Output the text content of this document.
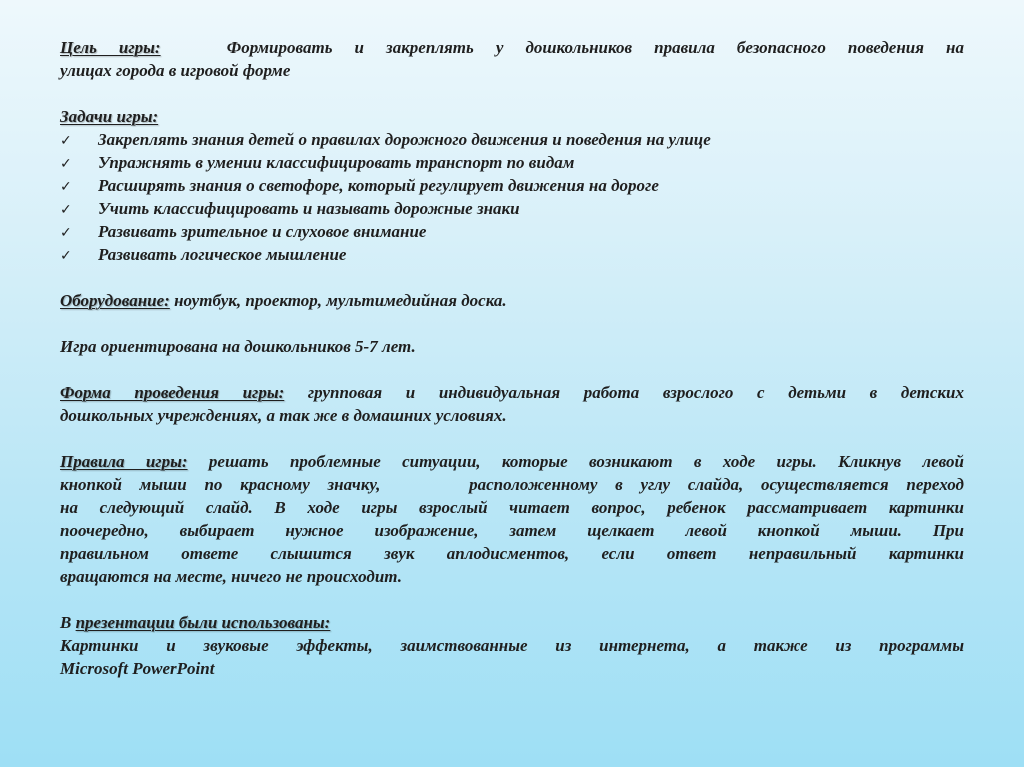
Цель игры:	Формировать и закреплять у дошкольников правила безопасного поведения на
улицах города в игровой форме
Задачи игры:
✓	Закреплять знания детей о правилах дорожного движения и поведения на улице
✓	Упражнять в умении классифицировать транспорт по видам
✓	Расширять знания о светофоре, который регулирует движения на дороге
✓	Учить классифицировать и называть дорожные знаки
✓	Развивать зрительное и слуховое внимание
✓	Развивать логическое мышление
Оборудование: ноутбук, проектор, мультимедийная доска.
Игра ориентирована на дошкольников 5-7 лет.
Форма проведения игры: групповая и индивидуальная работа взрослого с детьми в детских
дошкольных учреждениях, а так же в домашних условиях.
Правила игры: решать проблемные ситуации, которые возникают в ходе игры. Кликнув левой
кнопкой мыши по красному значку,     расположенному в углу слайда, осуществляется переход
на следующий слайд. В ходе игры взрослый читает вопрос, ребенок рассматривает картинки
поочередно, выбирает нужное изображение, затем щелкает левой кнопкой мыши. При
правильном ответе слышится звук аплодисментов, если ответ неправильный картинки
вращаются на месте, ничего не происходит.
В презентации были использованы:
Картинки и звуковые эффекты, заимствованные из интернета, а также из программы
Microsoft PowerPoint
